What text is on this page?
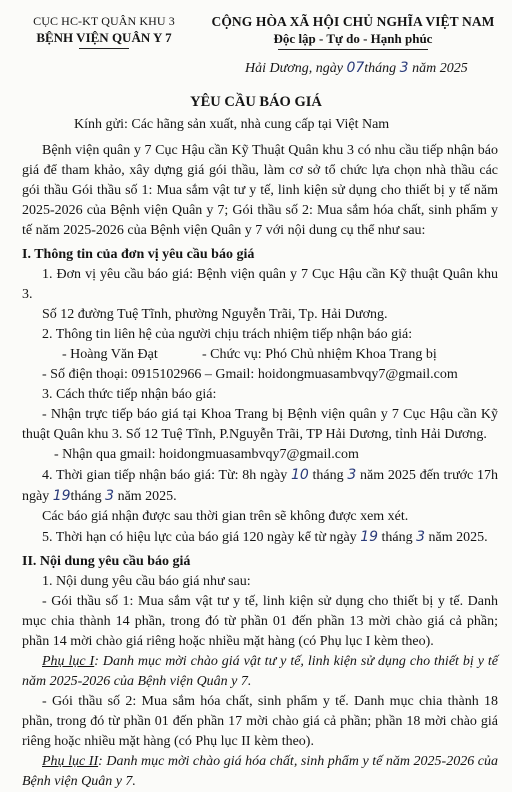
CỤC HC-KT QUÂN KHU 3
BỆNH VIỆN QUÂN Y 7
CỘNG HÒA XÃ HỘI CHỦ NGHĨA VIỆT NAM
Độc lập - Tự do - Hạnh phúc
Hải Dương, ngày 07tháng 3 năm 2025
YÊU CẦU BÁO GIÁ

Kính gửi: Các hãng sản xuất, nhà cung cấp tại Việt Nam

Bệnh viện quân y 7 Cục Hậu cần Kỹ Thuật Quân khu 3 có nhu cầu tiếp nhận báo giá để tham khảo, xây dựng giá gói thầu, làm cơ sở tổ chức lựa chọn nhà thầu các gói thầu Gói thầu số 1: Mua sắm vật tư y tế, linh kiện sử dụng cho thiết bị y tế năm 2025-2026 của Bệnh viện Quân y 7; Gói thầu số 2: Mua sắm hóa chất, sinh phẩm y tế năm 2025-2026 của Bệnh viện Quân y 7 với nội dung cụ thể như sau:

I. Thông tin của đơn vị yêu cầu báo giá

1. Đơn vị yêu cầu báo giá: Bệnh viện quân y 7 Cục Hậu cần Kỹ thuật Quân khu 3.

Số 12 đường Tuệ Tĩnh, phường Nguyễn Trãi, Tp. Hải Dương.

2. Thông tin liên hệ của người chịu trách nhiệm tiếp nhận báo giá:

- Hoàng Văn Đạt	- Chức vụ: Phó Chủ nhiệm Khoa Trang bị

- Số điện thoại: 0915102966 – Gmail: hoidongmuasambvqy7@gmail.com

3. Cách thức tiếp nhận báo giá:

- Nhận trực tiếp báo giá tại Khoa Trang bị Bệnh viện quân y 7 Cục Hậu cần Kỹ thuật Quân khu 3. Số 12 Tuệ Tĩnh, P.Nguyễn Trãi, TP Hải Dương, tỉnh Hải Dương.

- Nhận qua gmail: hoidongmuasambvqy7@gmail.com

4. Thời gian tiếp nhận báo giá: Từ: 8h ngày 10 tháng 3 năm 2025 đến trước 17h ngày 19tháng 3 năm 2025.

Các báo giá nhận được sau thời gian trên sẽ không được xem xét.

5. Thời hạn có hiệu lực của báo giá 120 ngày kể từ ngày 19 tháng 3 năm 2025.

II. Nội dung yêu cầu báo giá

1. Nội dung yêu cầu báo giá như sau:

- Gói thầu số 1: Mua sắm vật tư y tế, linh kiện sử dụng cho thiết bị y tế. Danh mục chia thành 14 phần, trong đó từ phần 01 đến phần 13 mời chào giá cả phần; phần 14 mời chào giá riêng hoặc nhiều mặt hàng (có Phụ lục I kèm theo).

Phụ lục I: Danh mục mời chào giá vật tư y tế, linh kiện sử dụng cho thiết bị y tế năm 2025-2026 của Bệnh viện Quân y 7.

- Gói thầu số 2: Mua sắm hóa chất, sinh phẩm y tế. Danh mục chia thành 18 phần, trong đó từ phần 01 đến phần 17 mời chào giá cả phần; phần 18 mời chào giá riêng hoặc nhiều mặt hàng (có Phụ lục II kèm theo).

Phụ lục II: Danh mục mời chào giá hóa chất, sinh phẩm y tế năm 2025-2026 của Bệnh viện Quân y 7.
